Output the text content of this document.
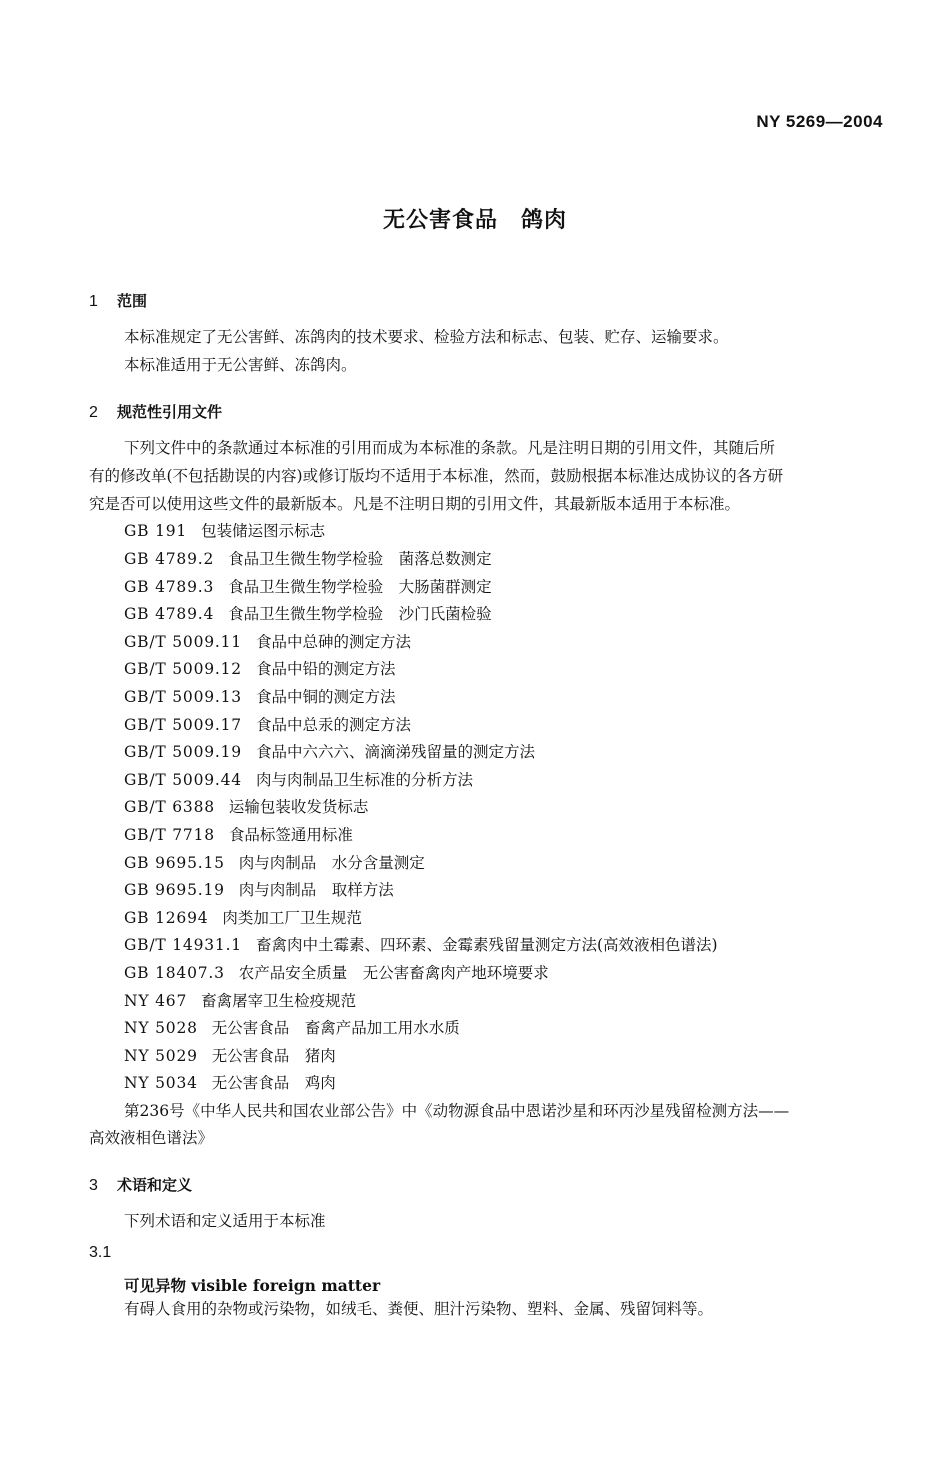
NY 5269—2004
无公害食品　鸽肉
1 范围
本标准规定了无公害鲜、冻鸽肉的技术要求、检验方法和标志、包装、贮存、运输要求。
本标准适用于无公害鲜、冻鸽肉。
2 规范性引用文件
下列文件中的条款通过本标准的引用而成为本标准的条款。凡是注明日期的引用文件，其随后所
有的修改单(不包括勘误的内容)或修订版均不适用于本标准，然而，鼓励根据本标准达成协议的各方研
究是否可以使用这些文件的最新版本。凡是不注明日期的引用文件，其最新版本适用于本标准。
GB 191 包装储运图示标志
GB 4789.2 食品卫生微生物学检验　菌落总数测定
GB 4789.3 食品卫生微生物学检验　大肠菌群测定
GB 4789.4 食品卫生微生物学检验　沙门氏菌检验
GB/T 5009.11 食品中总砷的测定方法
GB/T 5009.12 食品中铅的测定方法
GB/T 5009.13 食品中铜的测定方法
GB/T 5009.17 食品中总汞的测定方法
GB/T 5009.19 食品中六六六、滴滴涕残留量的测定方法
GB/T 5009.44 肉与肉制品卫生标准的分析方法
GB/T 6388 运输包装收发货标志
GB/T 7718 食品标签通用标准
GB 9695.15 肉与肉制品　水分含量测定
GB 9695.19 肉与肉制品　取样方法
GB 12694 肉类加工厂卫生规范
GB/T 14931.1 畜禽肉中土霉素、四环素、金霉素残留量测定方法(高效液相色谱法)
GB 18407.3 农产品安全质量　无公害畜禽肉产地环境要求
NY 467 畜禽屠宰卫生检疫规范
NY 5028 无公害食品　畜禽产品加工用水水质
NY 5029 无公害食品　猪肉
NY 5034 无公害食品　鸡肉
第236号《中华人民共和国农业部公告》中《动物源食品中恩诺沙星和环丙沙星残留检测方法——
高效液相色谱法》
3 术语和定义
下列术语和定义适用于本标准
3.1
可见异物 visible foreign matter
有碍人食用的杂物或污染物，如绒毛、粪便、胆汁污染物、塑料、金属、残留饲料等。
